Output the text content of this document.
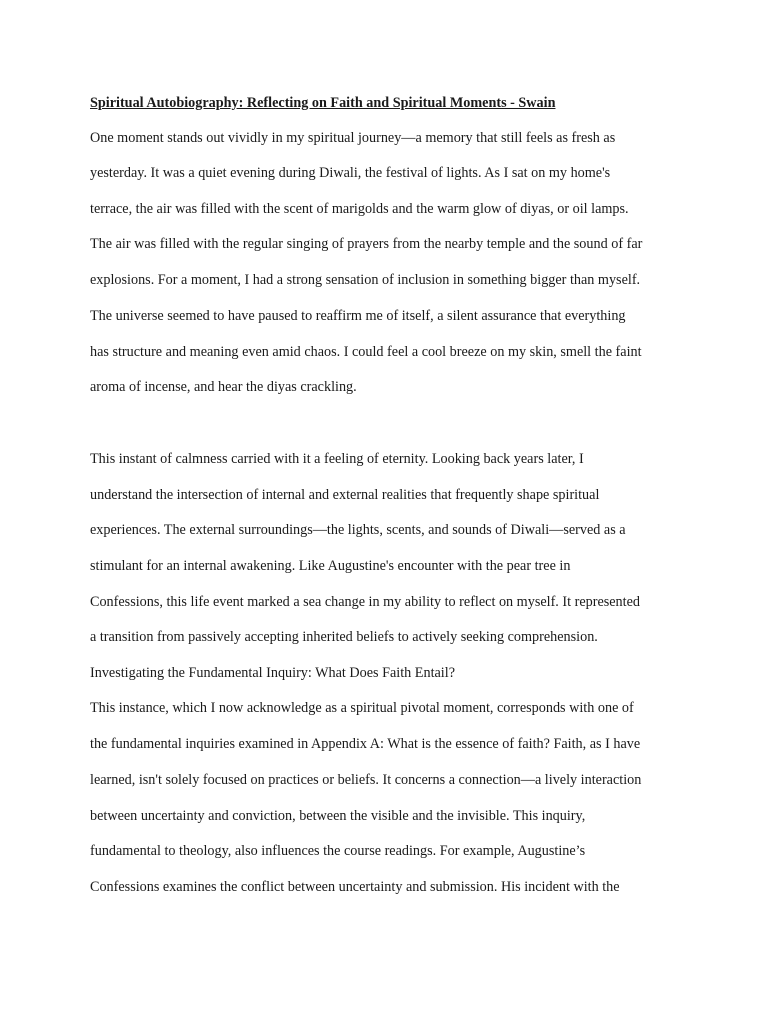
Spiritual Autobiography: Reflecting on Faith and Spiritual Moments - Swain
One moment stands out vividly in my spiritual journey—a memory that still feels as fresh as
yesterday. It was a quiet evening during Diwali, the festival of lights. As I sat on my home's
terrace, the air was filled with the scent of marigolds and the warm glow of diyas, or oil lamps.
The air was filled with the regular singing of prayers from the nearby temple and the sound of far
explosions. For a moment, I had a strong sensation of inclusion in something bigger than myself.
The universe seemed to have paused to reaffirm me of itself, a silent assurance that everything
has structure and meaning even amid chaos. I could feel a cool breeze on my skin, smell the faint
aroma of incense, and hear the diyas crackling.
This instant of calmness carried with it a feeling of eternity. Looking back years later, I
understand the intersection of internal and external realities that frequently shape spiritual
experiences. The external surroundings—the lights, scents, and sounds of Diwali—served as a
stimulant for an internal awakening. Like Augustine's encounter with the pear tree in
Confessions, this life event marked a sea change in my ability to reflect on myself. It represented
a transition from passively accepting inherited beliefs to actively seeking comprehension.
Investigating the Fundamental Inquiry: What Does Faith Entail?
This instance, which I now acknowledge as a spiritual pivotal moment, corresponds with one of
the fundamental inquiries examined in Appendix A: What is the essence of faith? Faith, as I have
learned, isn't solely focused on practices or beliefs. It concerns a connection—a lively interaction
between uncertainty and conviction, between the visible and the invisible. This inquiry,
fundamental to theology, also influences the course readings. For example, Augustine’s
Confessions examines the conflict between uncertainty and submission. His incident with the
